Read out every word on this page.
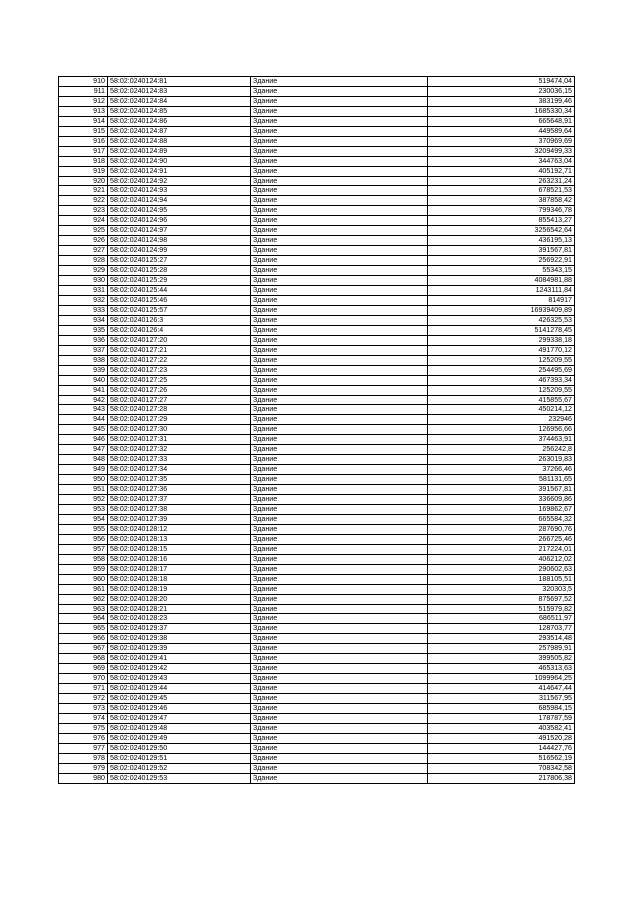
910	58:02:0240124:81	Здание	519474,04
911	58:02:0240124:83	Здание	230036,15
912	58:02:0240124:84	Здание	383199,46
913	58:02:0240124:85	Здание	1685330,34
914	58:02:0240124:86	Здание	665648,91
915	58:02:0240124:87	Здание	449589,64
916	58:02:0240124:88	Здание	370969,69
917	58:02:0240124:89	Здание	3209499,33
918	58:02:0240124:90	Здание	344763,04
919	58:02:0240124:91	Здание	405192,71
920	58:02:0240124:92	Здание	263231,24
921	58:02:0240124:93	Здание	678521,53
922	58:02:0240124:94	Здание	387858,42
923	58:02:0240124:95	Здание	799346,78
924	58:02:0240124:96	Здание	855413,27
925	58:02:0240124:97	Здание	3256542,64
926	58:02:0240124:98	Здание	436195,13
927	58:02:0240124:99	Здание	391567,81
928	58:02:0240125:27	Здание	256922,91
929	58:02:0240125:28	Здание	55343,15
930	58:02:0240125:29	Здание	4084981,88
931	58:02:0240125:44	Здание	1243111,84
932	58:02:0240125:46	Здание	814917
933	58:02:0240125:57	Здание	16939409,89
934	58:02:0240126:3	Здание	426325,53
935	58:02:0240126:4	Здание	5141278,45
936	58:02:0240127:20	Здание	299338,18
937	58:02:0240127:21	Здание	491770,12
938	58:02:0240127:22	Здание	125209,55
939	58:02:0240127:23	Здание	254495,69
940	58:02:0240127:25	Здание	467393,34
941	58:02:0240127:26	Здание	125209,55
942	58:02:0240127:27	Здание	415855,67
943	58:02:0240127:28	Здание	450214,12
944	58:02:0240127:29	Здание	232946
945	58:02:0240127:30	Здание	126956,66
946	58:02:0240127:31	Здание	374463,91
947	58:02:0240127:32	Здание	256242,8
948	58:02:0240127:33	Здание	263019,83
949	58:02:0240127:34	Здание	37266,46
950	58:02:0240127:35	Здание	581131,65
951	58:02:0240127:36	Здание	391567,81
952	58:02:0240127:37	Здание	336609,86
953	58:02:0240127:38	Здание	169862,67
954	58:02:0240127:39	Здание	665584,32
955	58:02:0240128:12	Здание	287690,76
956	58:02:0240128:13	Здание	266725,46
957	58:02:0240128:15	Здание	217224,01
958	58:02:0240128:16	Здание	406212,02
959	58:02:0240128:17	Здание	290602,63
960	58:02:0240128:18	Здание	188105,51
961	58:02:0240128:19	Здание	320303,5
962	58:02:0240128:20	Здание	875697,52
963	58:02:0240128:21	Здание	515979,82
964	58:02:0240128:23	Здание	686511,97
965	58:02:0240129:37	Здание	128703,77
966	58:02:0240129:38	Здание	293514,48
967	58:02:0240129:39	Здание	257989,91
968	58:02:0240129:41	Здание	399505,82
969	58:02:0240129:42	Здание	465313,63
970	58:02:0240129:43	Здание	1099964,25
971	58:02:0240129:44	Здание	414647,44
972	58:02:0240129:45	Здание	311567,95
973	58:02:0240129:46	Здание	685984,15
974	58:02:0240129:47	Здание	178787,59
975	58:02:0240129:48	Здание	403582,41
976	58:02:0240129:49	Здание	491520,28
977	58:02:0240129:50	Здание	144427,76
978	58:02:0240129:51	Здание	516562,19
979	58:02:0240129:52	Здание	708342,58
980	58:02:0240129:53	Здание	217806,38
